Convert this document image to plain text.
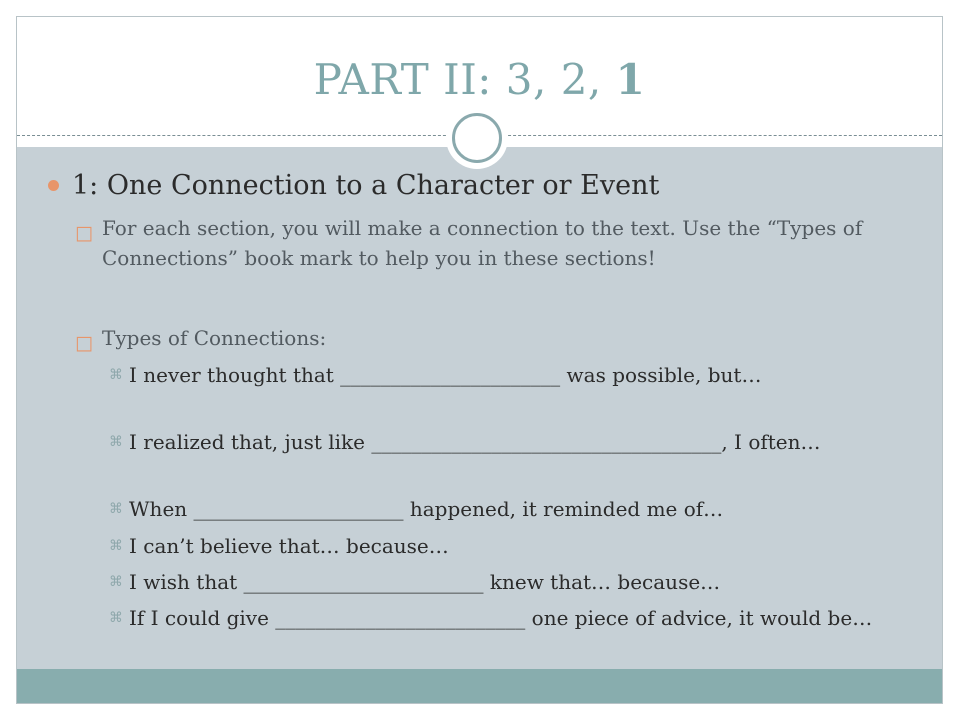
PART II: 3, 2, 1
1: One Connection to a Character or Event
□ For each section, you will make a connection to the text. Use the “Types of Connections” book mark to help you in these sections!
□ Types of Connections:
⌘ I never thought that ______________________ was possible, but…
⌘ I realized that, just like ___________________________________, I often…
⌘ When _____________________ happened, it reminded me of…
⌘ I can’t believe that… because…
⌘ I wish that ________________________ knew that… because…
⌘ If I could give _________________________ one piece of advice, it would be…
